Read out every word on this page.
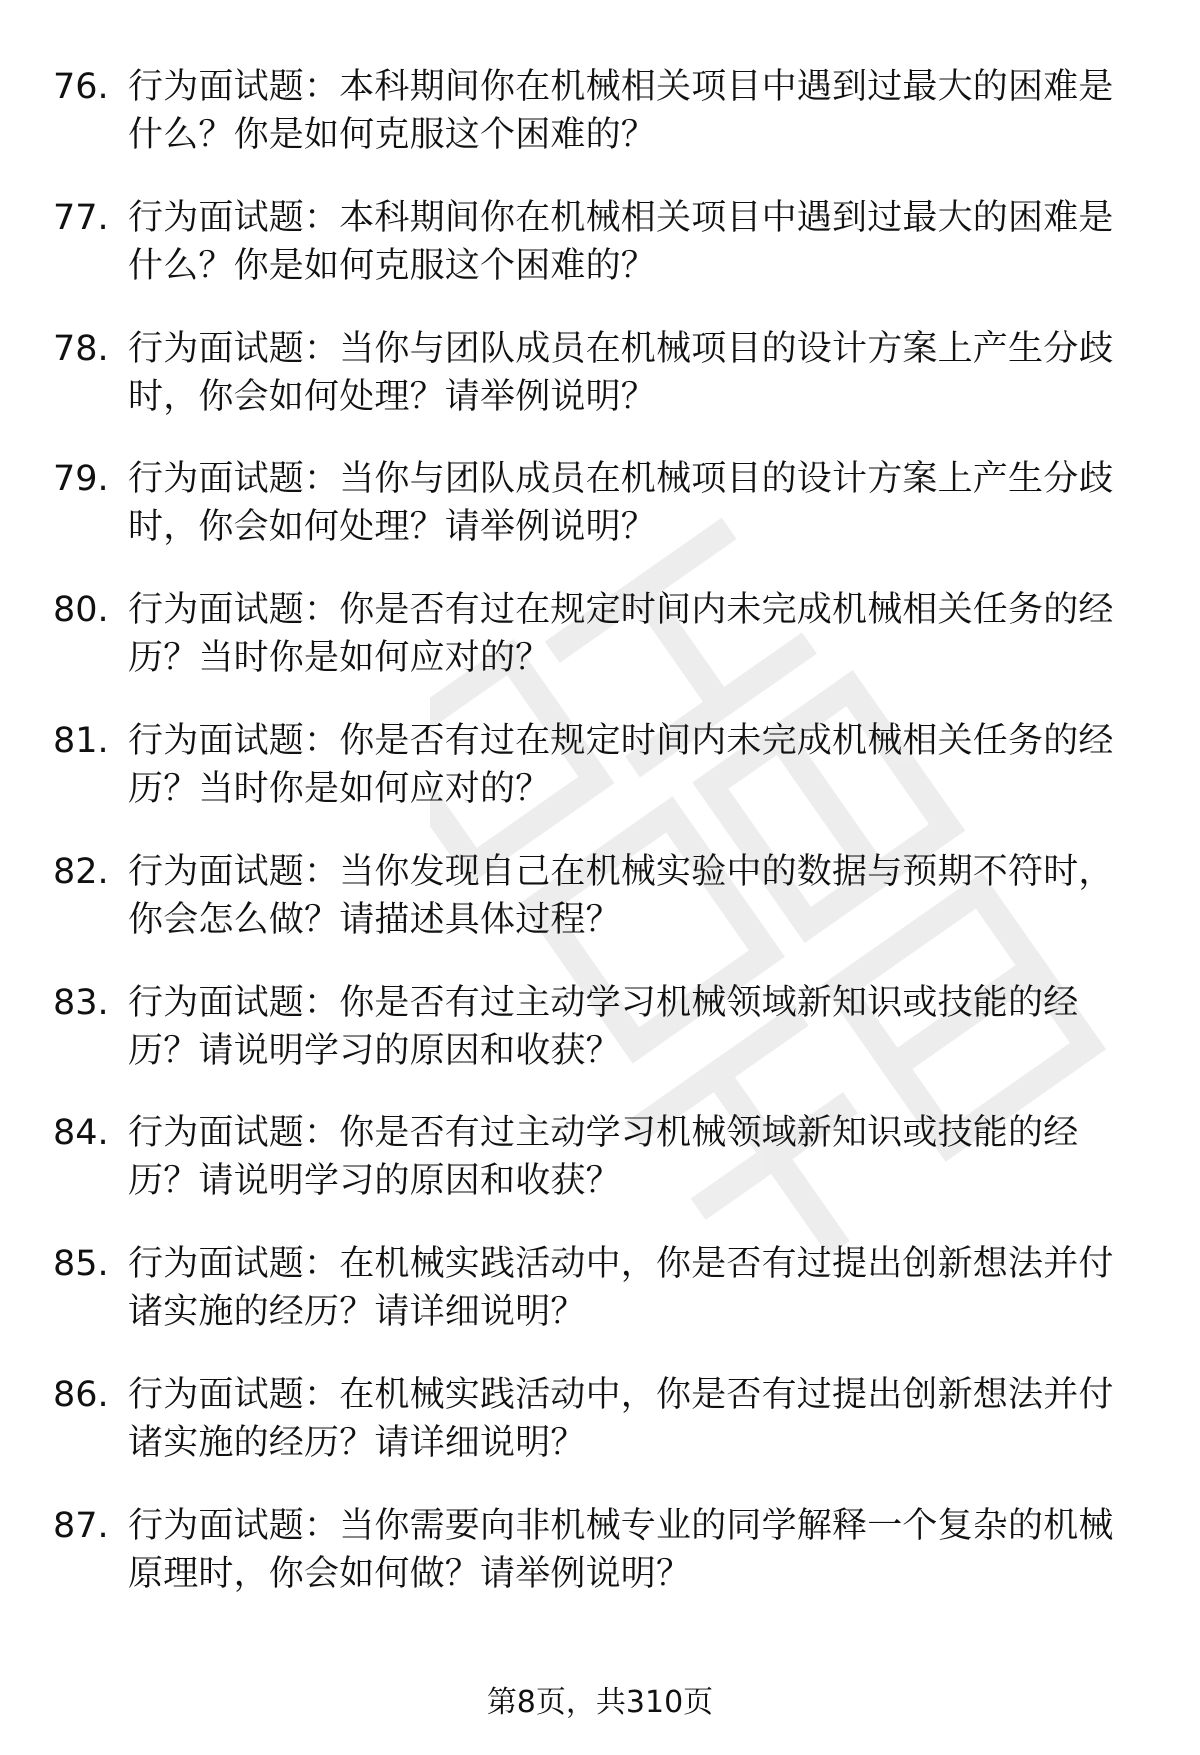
76. 行为面试题：本科期间你在机械相关项目中遇到过最大的困难是
什么？你是如何克服这个困难的？
77. 行为面试题：本科期间你在机械相关项目中遇到过最大的困难是
什么？你是如何克服这个困难的？
78. 行为面试题：当你与团队成员在机械项目的设计方案上产生分歧
时，你会如何处理？请举例说明？
79. 行为面试题：当你与团队成员在机械项目的设计方案上产生分歧
时，你会如何处理？请举例说明？
80. 行为面试题：你是否有过在规定时间内未完成机械相关任务的经
历？当时你是如何应对的？
81. 行为面试题：你是否有过在规定时间内未完成机械相关任务的经
历？当时你是如何应对的？
82. 行为面试题：当你发现自己在机械实验中的数据与预期不符时，
你会怎么做？请描述具体过程？
83. 行为面试题：你是否有过主动学习机械领域新知识或技能的经
历？请说明学习的原因和收获？
84. 行为面试题：你是否有过主动学习机械领域新知识或技能的经
历？请说明学习的原因和收获？
85. 行为面试题：在机械实践活动中，你是否有过提出创新想法并付
诸实施的经历？请详细说明？
86. 行为面试题：在机械实践活动中，你是否有过提出创新想法并付
诸实施的经历？请详细说明？
87. 行为面试题：当你需要向非机械专业的同学解释一个复杂的机械
原理时，你会如何做？请举例说明？
第8页，共310页
